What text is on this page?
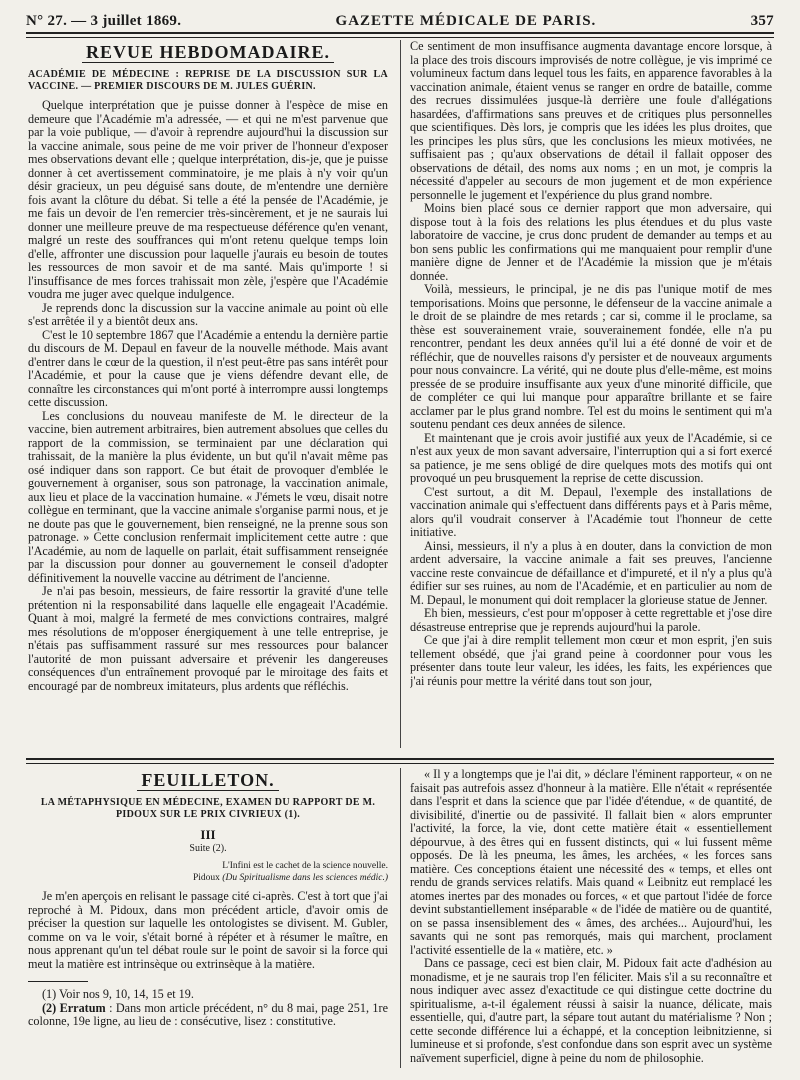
N° 27. — 3 juillet 1869.	GAZETTE MÉDICALE DE PARIS.	357
REVUE HEBDOMADAIRE.
ACADÉMIE DE MÉDECINE : REPRISE DE LA DISCUSSION SUR LA VACCINE. — PREMIER DISCOURS DE M. JULES GUÉRIN.

Quelque interprétation que je puisse donner à l'espèce de mise en demeure que l'Académie m'a adressée, — et qui ne m'est parvenue que par la voie publique, — d'avoir à reprendre aujourd'hui la discussion sur la vaccine animale, sous peine de me voir priver de l'honneur d'exposer mes observations devant elle ; quelque interprétation, dis-je, que je puisse donner à cet avertissement comminatoire, je me plais à n'y voir qu'un désir gracieux, un peu déguisé sans doute, de m'entendre une dernière fois avant la clôture du débat. Si telle a été la pensée de l'Académie, je me fais un devoir de l'en remercier très-sincèrement, et je ne saurais lui donner une meilleure preuve de ma respectueuse déférence qu'en venant, malgré un reste des souffrances qui m'ont retenu quelque temps loin d'elle, affronter une discussion pour laquelle j'aurais eu besoin de toutes les ressources de mon savoir et de ma santé. Mais qu'importe ! si l'insuffisance de mes forces trahissait mon zèle, j'espère que l'Académie voudra me juger avec quelque indulgence.

Je reprends donc la discussion sur la vaccine animale au point où elle s'est arrêtée il y a bientôt deux ans.

C'est le 10 septembre 1867 que l'Académie a entendu la dernière partie du discours de M. Depaul en faveur de la nouvelle méthode. Mais avant d'entrer dans le cœur de la question, il n'est peut-être pas sans intérêt pour l'Académie, et pour la cause que je viens défendre devant elle, de connaître les circonstances qui m'ont porté à interrompre aussi longtemps cette discussion.

Les conclusions du nouveau manifeste de M. le directeur de la vaccine, bien autrement arbitraires, bien autrement absolues que celles du rapport de la commission, se terminaient par une déclaration qui trahissait, de la manière la plus évidente, un but qu'il n'avait même pas osé indiquer dans son rapport. Ce but était de provoquer d'emblée le gouvernement à organiser, sous son patronage, la vaccination animale, aux lieu et place de la vaccination humaine. « J'émets le vœu, disait notre collègue en terminant, que la vaccine animale s'organise parmi nous, et je ne doute pas que le gouvernement, bien renseigné, ne la prenne sous son patronage. » Cette conclusion renfermait implicitement cette autre : que l'Académie, au nom de laquelle on parlait, était suffisamment renseignée par la discussion pour donner au gouvernement le conseil d'adopter définitivement la nouvelle vaccine au détriment de l'ancienne.

Je n'ai pas besoin, messieurs, de faire ressortir la gravité d'une telle prétention ni la responsabilité dans laquelle elle engageait l'Académie. Quant à moi, malgré la fermeté de mes convictions contraires, malgré mes résolutions de m'opposer énergiquement à une telle entreprise, je n'étais pas suffisamment rassuré sur mes ressources pour balancer l'autorité de mon puissant adversaire et prévenir les dangereuses conséquences d'un entraînement provoqué par le miroitage des faits et encouragé par de nombreux imitateurs, plus ardents que réfléchis.

Ce sentiment de mon insuffisance augmenta davantage encore lorsque, à la place des trois discours improvisés de notre collègue, je vis imprimé ce volumineux factum dans lequel tous les faits, en apparence favorables à la vaccination animale, étaient venus se ranger en ordre de bataille, comme des recrues dissimulées jusque-là derrière une foule d'allégations hasardées, d'affirmations sans preuves et de critiques plus personnelles que scientifiques. Dès lors, je compris que les idées les plus droites, que les principes les plus sûrs, que les conclusions les mieux motivées, ne suffisaient pas ; qu'aux observations de détail il fallait opposer des observations de détail, des noms aux noms ; en un mot, je compris la nécessité d'appeler au secours de mon jugement et de mon expérience personnelle le jugement et l'expérience du plus grand nombre.

Moins bien placé sous ce dernier rapport que mon adversaire, qui dispose tout à la fois des relations les plus étendues et du plus vaste laboratoire de vaccine, je crus donc prudent de demander au temps et au bon sens public les confirmations qui me manquaient pour remplir d'une manière digne de Jenner et de l'Académie la mission que je m'étais donnée.

Voilà, messieurs, le principal, je ne dis pas l'unique motif de mes temporisations. Moins que personne, le défenseur de la vaccine animale a le droit de se plaindre de mes retards ; car si, comme il le proclame, sa thèse est souverainement vraie, souverainement fondée, elle n'a pu rencontrer, pendant les deux années qu'il lui a été donné de voir et de réfléchir, que de nouvelles raisons d'y persister et de nouveaux arguments pour nous convaincre. La vérité, qui ne doute plus d'elle-même, est moins pressée de se produire insuffisante aux yeux d'une minorité difficile, que de compléter ce qui lui manque pour apparaître brillante et se faire acclamer par le plus grand nombre. Tel est du moins le sentiment qui m'a soutenu pendant ces deux années de silence.

Et maintenant que je crois avoir justifié aux yeux de l'Académie, si ce n'est aux yeux de mon savant adversaire, l'interruption qui a si fort exercé sa patience, je me sens obligé de dire quelques mots des motifs qui ont provoqué un peu brusquement la reprise de cette discussion.

C'est surtout, a dit M. Depaul, l'exemple des installations de vaccination animale qui s'effectuent dans différents pays et à Paris même, alors qu'il voudrait conserver à l'Académie tout l'honneur de cette initiative.

Ainsi, messieurs, il n'y a plus à en douter, dans la conviction de mon ardent adversaire, la vaccine animale a fait ses preuves, l'ancienne vaccine reste convaincue de défaillance et d'impureté, et il n'y a plus qu'à édifier sur ses ruines, au nom de l'Académie, et en particulier au nom de M. Depaul, le monument qui doit remplacer la glorieuse statue de Jenner.

Eh bien, messieurs, c'est pour m'opposer à cette regrettable et j'ose dire désastreuse entreprise que je reprends aujourd'hui la parole.

Ce que j'ai à dire remplit tellement mon cœur et mon esprit, j'en suis tellement obsédé, que j'ai grand peine à coordonner pour vous les présenter dans toute leur valeur, les idées, les faits, les expériences que j'ai réunis pour mettre la vérité dans tout son jour,

FEUILLETON.
LA MÉTAPHYSIQUE EN MÉDECINE, EXAMEN DU RAPPORT DE M. PIDOUX SUR LE PRIX CIVRIEUX (1).
III
Suite (2).
L'Infini est le cachet de la science nouvelle.
Pidoux (Du Spiritualisme dans les sciences médic.)

Je m'en aperçois en relisant le passage cité ci-après. C'est à tort que j'ai reproché à M. Pidoux, dans mon précédent article, d'avoir omis de préciser la question sur laquelle les ontologistes se divisent. M. Gubler, comme on va le voir, s'était borné à répéter et à résumer le maître, en nous apprenant qu'un tel débat roule sur le point de savoir si la force qui meut la matière est intrinsèque ou extrinsèque à la matière.

(1) Voir nos 9, 10, 14, 15 et 19.

(2) Erratum : Dans mon article précédent, n° du 8 mai, page 251, 1re colonne, 19e ligne, au lieu de : consécutive, lisez : constitutive.

« Il y a longtemps que je l'ai dit, » déclare l'éminent rapporteur, « on ne faisait pas autrefois assez d'honneur à la matière. Elle n'était « représentée dans l'esprit et dans la science que par l'idée d'étendue, « de quantité, de divisibilité, d'inertie ou de passivité. Il fallait bien « alors emprunter l'activité, la force, la vie, dont cette matière était « essentiellement dépourvue, à des êtres qui en fussent distincts, qui « lui fussent même opposés. De là les pneuma, les âmes, les archées, « les forces sans matière. Ces conceptions étaient une nécessité des « temps, et elles ont rendu de grands services relatifs. Mais quand « Leibnitz eut remplacé les atomes inertes par des monades ou forces, « et que partout l'idée de force devint substantiellement inséparable « de l'idée de matière ou de quantité, on se passa insensiblement des « âmes, des archées... Aujourd'hui, les savants qui ne sont pas remorqués, mais qui marchent, proclament l'activité essentielle de la « matière, etc. »

Dans ce passage, ceci est bien clair, M. Pidoux fait acte d'adhésion au monadisme, et je ne saurais trop l'en féliciter. Mais s'il a su reconnaître et nous indiquer avec assez d'exactitude ce qui distingue cette doctrine du spiritualisme, a-t-il également réussi à saisir la nuance, délicate, mais essentielle, qui, d'autre part, la sépare tout autant du matérialisme ? Non ; cette seconde différence lui a échappé, et la conception leibnitzienne, si lumineuse et si profonde, s'est confondue dans son esprit avec un système naïvement superficiel, digne à peine du nom de philosophie.
